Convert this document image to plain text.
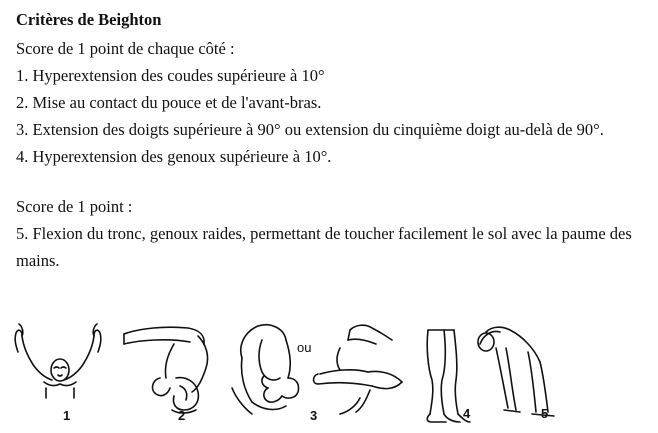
Critères de Beighton
Score de 1 point de chaque côté :
1. Hyperextension des coudes supérieure à 10°
2. Mise au contact du pouce et de l'avant-bras.
3. Extension des doigts supérieure à 90° ou extension du cinquième doigt au-delà de 90°.
4. Hyperextension des genoux supérieure à 10°.
Score de 1 point :
5. Flexion du tronc, genoux raides, permettant de toucher facilement le sol avec la paume des mains.
1	2	3
ou
4	5
